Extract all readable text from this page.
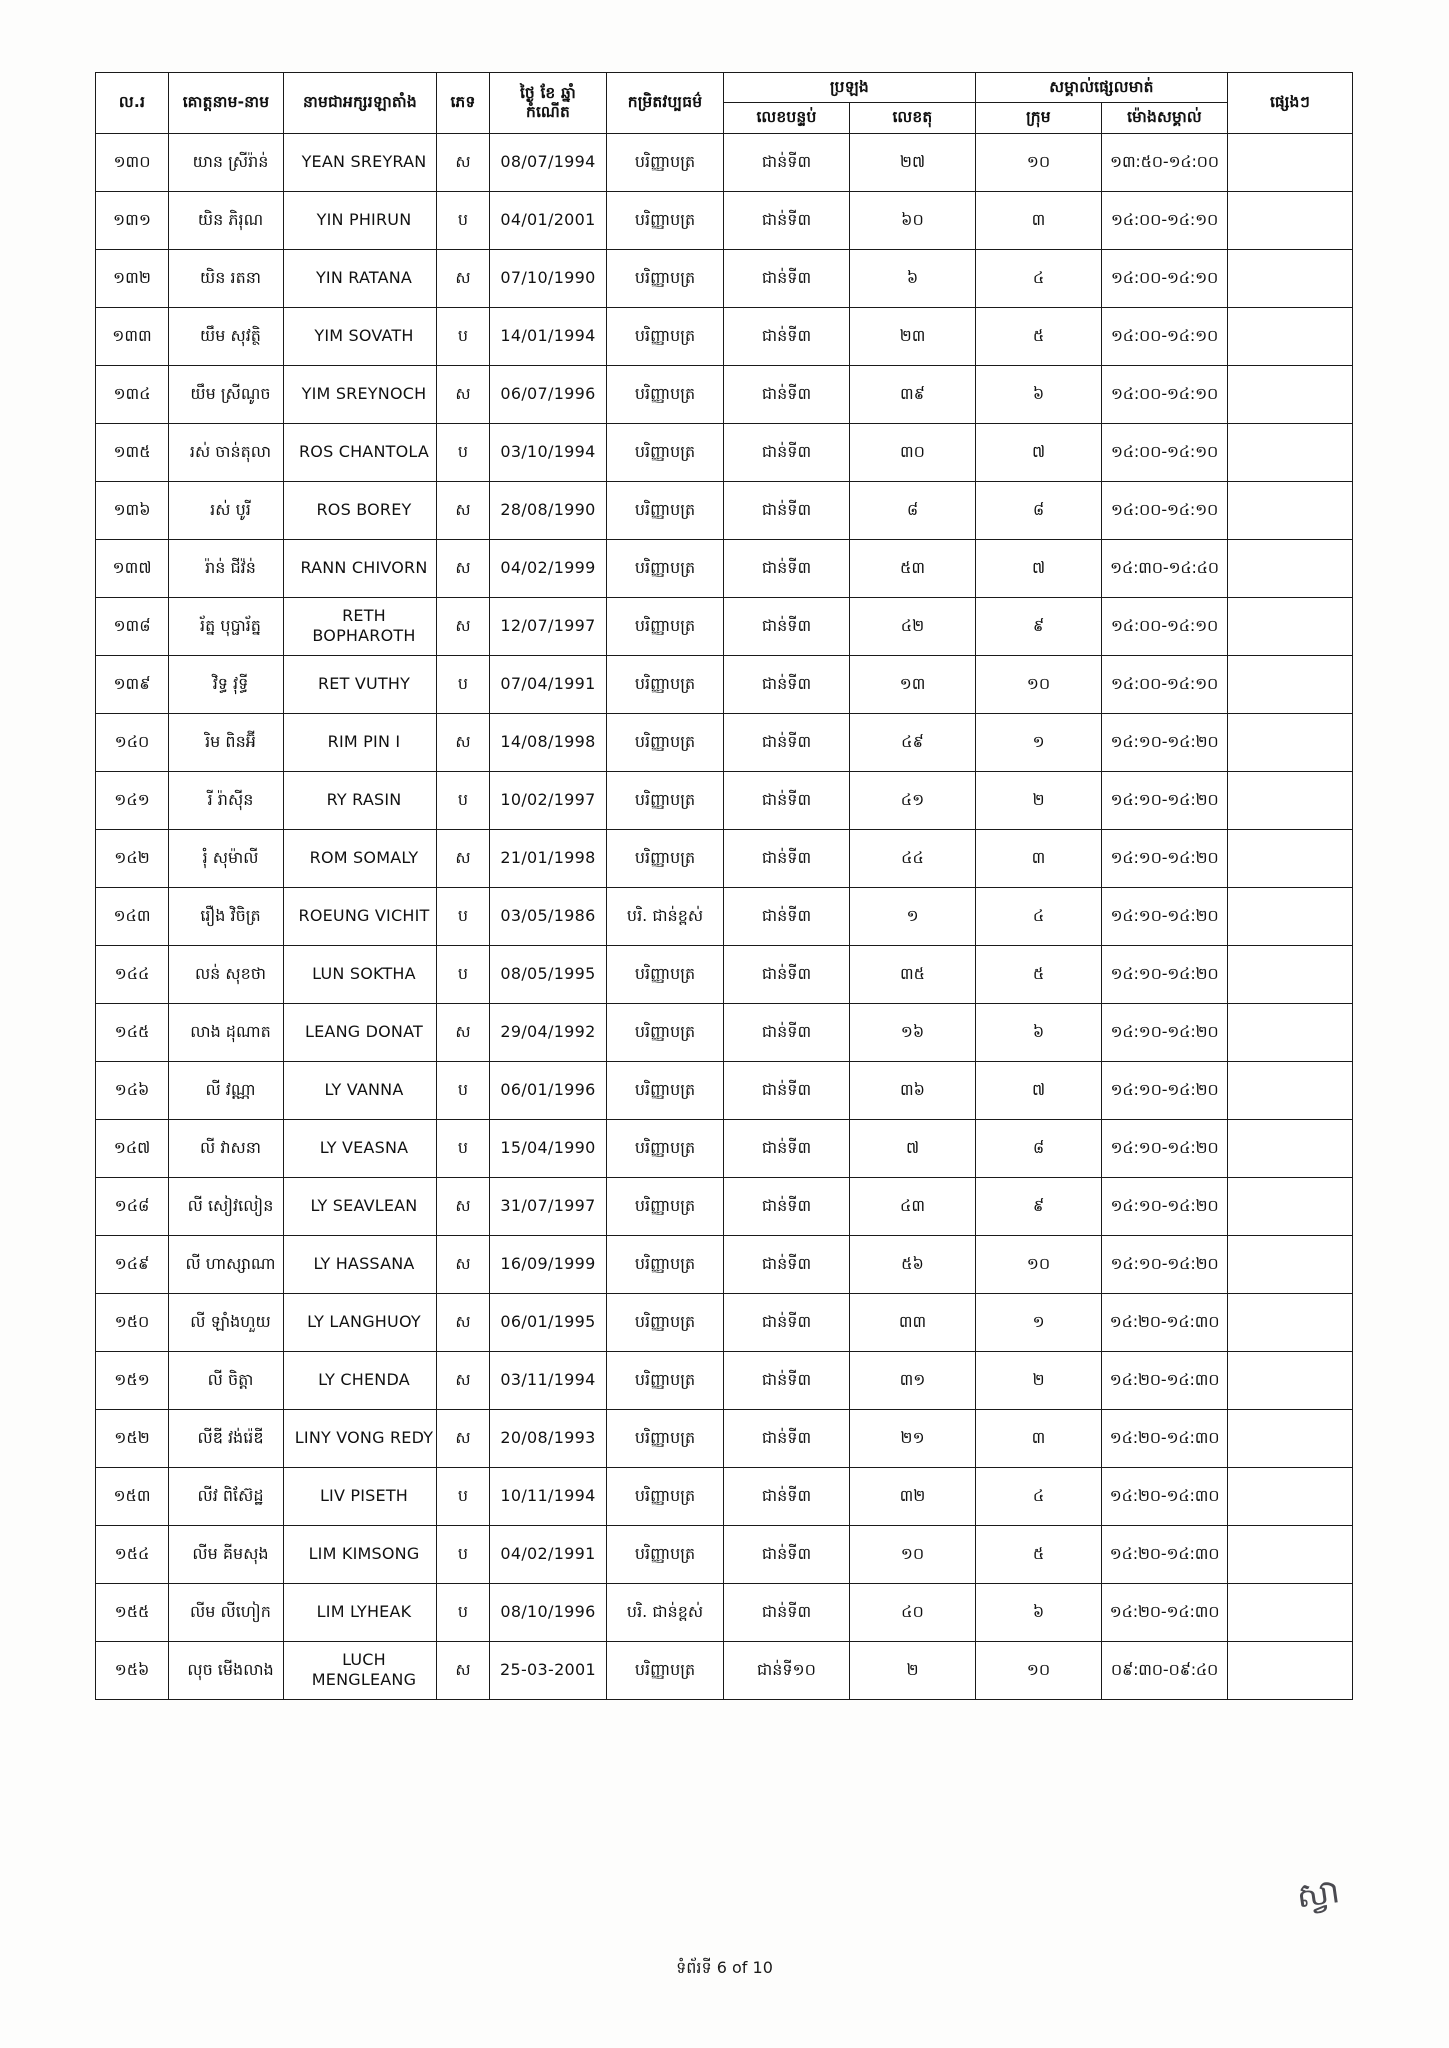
ល.រ	គោត្តនាម-នាម	នាមជាអក្សរឡាតាំង	ភេទ	ថ្ងៃ ខែ ឆ្នាំ
កំណើត	កម្រិតវប្បធម៌	ប្រឡង		សម្គាល់ផ្សេលមាត់		ផ្សេងៗ
						លេខបន្ទប់	លេខតុ	ក្រុម	ម៉ោងសម្គាល់	
១៣០	យាន ស្រីរ៉ាន់	YEAN SREYRAN	ស	08/07/1994	បរិញ្ញាបត្រ	ជាន់ទី៣	២៧	១០	១៣:៥០-១៤:០០	
១៣១	យិន ភិរុណ	YIN PHIRUN	ប	04/01/2001	បរិញ្ញាបត្រ	ជាន់ទី៣	៦០	៣	១៤:០០-១៤:១០	
១៣២	យិន រតនា	YIN RATANA	ស	07/10/1990	បរិញ្ញាបត្រ	ជាន់ទី៣	៦	៤	១៤:០០-១៤:១០	
១៣៣	យឹម សុវត្ថិ	YIM SOVATH	ប	14/01/1994	បរិញ្ញាបត្រ	ជាន់ទី៣	២៣	៥	១៤:០០-១៤:១០	
១៣៤	យឹម ស្រីណូច	YIM SREYNOCH	ស	06/07/1996	បរិញ្ញាបត្រ	ជាន់ទី៣	៣៩	៦	១៤:០០-១៤:១០	
១៣៥	រស់ ចាន់តុលា	ROS CHANTOLA	ប	03/10/1994	បរិញ្ញាបត្រ	ជាន់ទី៣	៣០	៧	១៤:០០-១៤:១០	
១៣៦	រស់ បូរី	ROS BOREY	ស	28/08/1990	បរិញ្ញាបត្រ	ជាន់ទី៣	៨	៨	១៤:០០-១៤:១០	
១៣៧	រ៉ាន់ ជីវ៉ន់	RANN CHIVORN	ស	04/02/1999	បរិញ្ញាបត្រ	ជាន់ទី៣	៥៣	៧	១៤:៣០-១៤:៤០	
១៣៨	រ័ត្ន បុប្ផារ័ត្ន	RETH BOPHAROTH	ស	12/07/1997	បរិញ្ញាបត្រ	ជាន់ទី៣	៤២	៩	១៤:០០-១៤:១០	
១៣៩	វិទ្ធ វុទ្ធី	RET VUTHY	ប	07/04/1991	បរិញ្ញាបត្រ	ជាន់ទី៣	១៣	១០	១៤:០០-១៤:១០	
១៤០	រិម ពិនអ៊ី	RIM PIN I	ស	14/08/1998	បរិញ្ញាបត្រ	ជាន់ទី៣	៤៩	១	១៤:១០-១៤:២០	
១៤១	រី រ៉ាស៊ីន	RY RASIN	ប	10/02/1997	បរិញ្ញាបត្រ	ជាន់ទី៣	៤១	២	១៤:១០-១៤:២០	
១៤២	រុំ សុម៉ាលី	ROM SOMALY	ស	21/01/1998	បរិញ្ញាបត្រ	ជាន់ទី៣	៤៤	៣	១៤:១០-១៤:២០	
១៤៣	រឿង វិចិត្រ	ROEUNG VICHIT	ប	03/05/1986	បរិ. ជាន់ខ្ពស់	ជាន់ទី៣	១	៤	១៤:១០-១៤:២០	
១៤៤	លន់ សុខថា	LUN SOKTHA	ប	08/05/1995	បរិញ្ញាបត្រ	ជាន់ទី៣	៣៥	៥	១៤:១០-១៤:២០	
១៤៥	លាង ដុណាត	LEANG DONAT	ស	29/04/1992	បរិញ្ញាបត្រ	ជាន់ទី៣	១៦	៦	១៤:១០-១៤:២០	
១៤៦	លី វណ្ណា	LY VANNA	ប	06/01/1996	បរិញ្ញាបត្រ	ជាន់ទី៣	៣៦	៧	១៤:១០-១៤:២០	
១៤៧	លី វាសនា	LY VEASNA	ប	15/04/1990	បរិញ្ញាបត្រ	ជាន់ទី៣	៧	៨	១៤:១០-១៤:២០	
១៤៨	លី សៀវលៀន	LY SEAVLEAN	ស	31/07/1997	បរិញ្ញាបត្រ	ជាន់ទី៣	៤៣	៩	១៤:១០-១៤:២០	
១៤៩	លី ហាស្សាណា	LY HASSANA	ស	16/09/1999	បរិញ្ញាបត្រ	ជាន់ទី៣	៥៦	១០	១៤:១០-១៤:២០	
១៥០	លី ឡាំងហួយ	LY LANGHUOY	ស	06/01/1995	បរិញ្ញាបត្រ	ជាន់ទី៣	៣៣	១	១៤:២០-១៤:៣០	
១៥១	លី ចិត្តា	LY CHENDA	ស	03/11/1994	បរិញ្ញាបត្រ	ជាន់ទី៣	៣១	២	១៤:២០-១៤:៣០	
១៥២	លីឌី វង់រ៉េឌី	LINY VONG REDY	ស	20/08/1993	បរិញ្ញាបត្រ	ជាន់ទី៣	២១	៣	១៤:២០-១៤:៣០	
១៥៣	លីវ ពិស៊ែដ្ឋ	LIV PISETH	ប	10/11/1994	បរិញ្ញាបត្រ	ជាន់ទី៣	៣២	៤	១៤:២០-១៤:៣០	
១៥៤	លីម គីមសុង	LIM KIMSONG	ប	04/02/1991	បរិញ្ញាបត្រ	ជាន់ទី៣	១០	៥	១៤:២០-១៤:៣០	
១៥៥	លីម លីហៀក	LIM LYHEAK	ប	08/10/1996	បរិ. ជាន់ខ្ពស់	ជាន់ទី៣	៤០	៦	១៤:២០-១៤:៣០	
១៥៦	លុច មេីងលាង	LUCH MENGLEANG	ស	25-03-2001	បរិញ្ញាបត្រ	ជាន់ទី១០	២	១០	០៩:៣០-០៩:៤០	
ស្វា
ទំព័រទី 6 of 10
